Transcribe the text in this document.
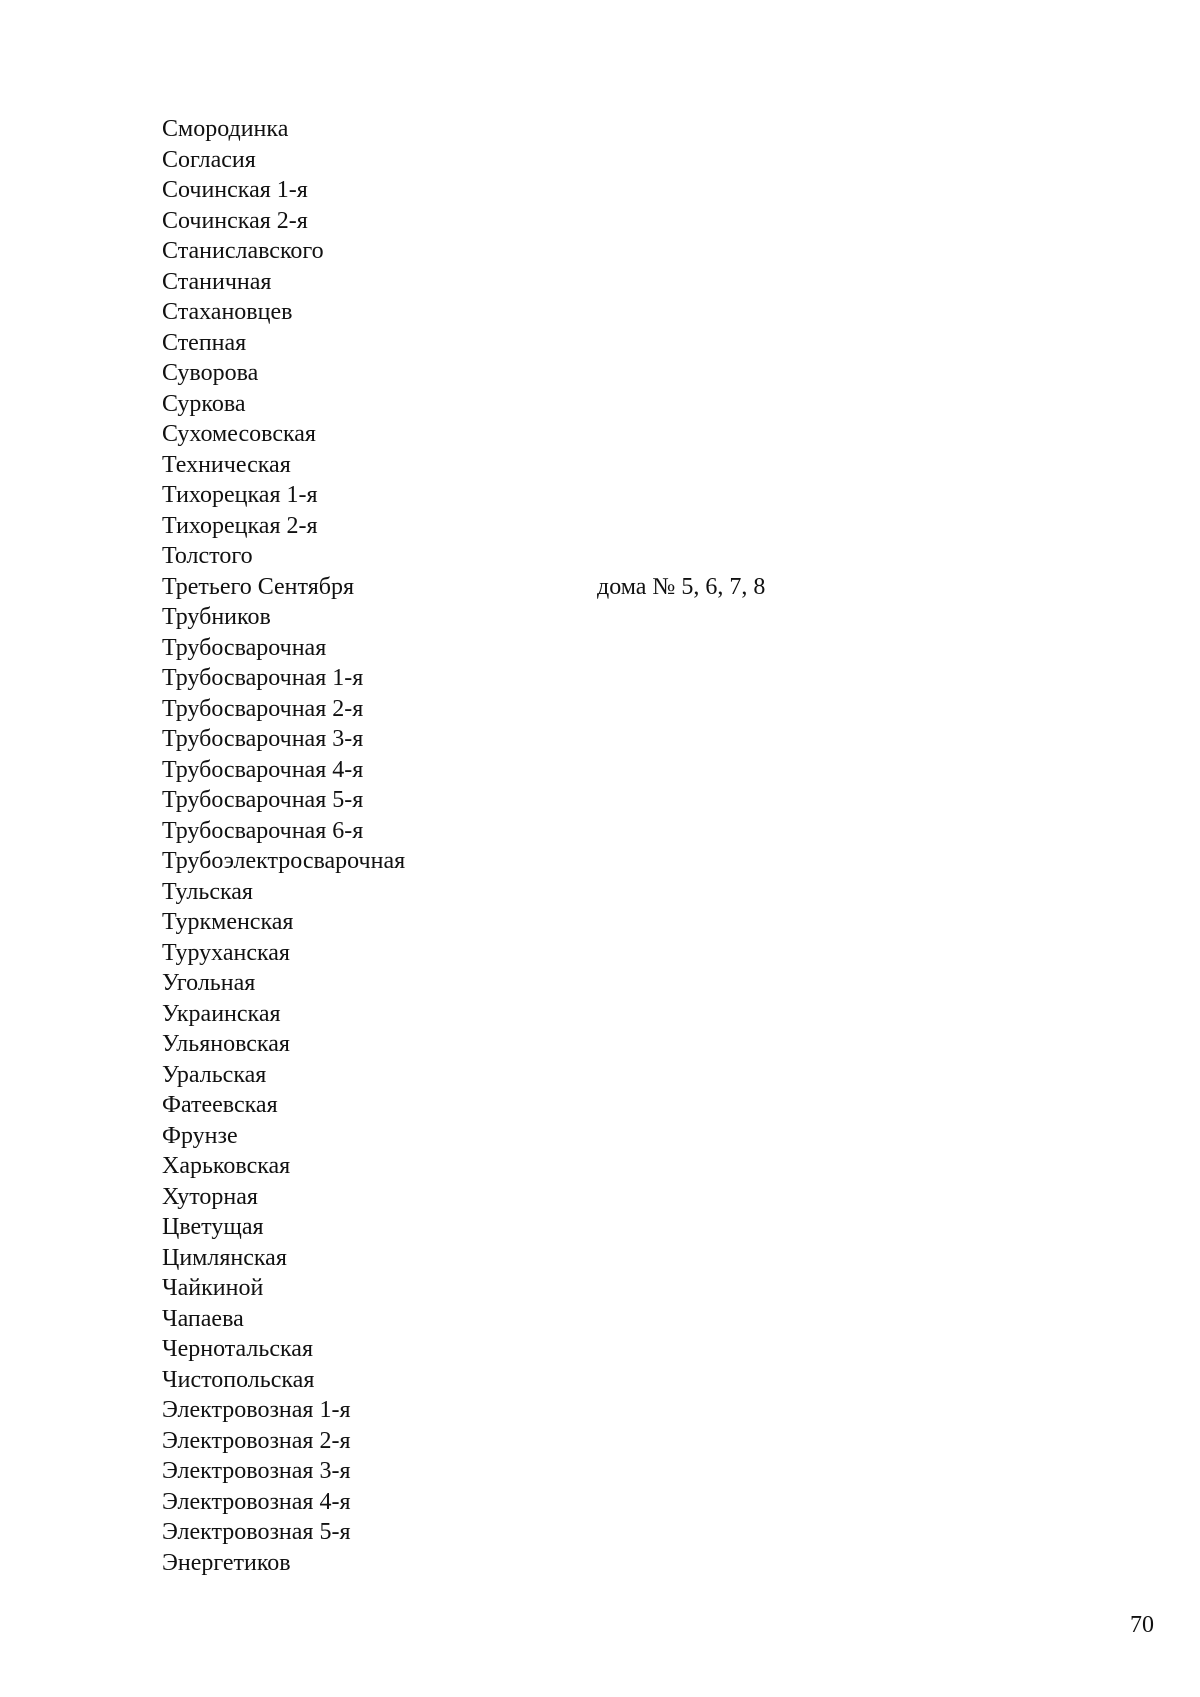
Смородинка
Согласия
Сочинская 1-я
Сочинская 2-я
Станиславского
Станичная
Стахановцев
Степная
Суворова
Суркова
Сухомесовская
Техническая
Тихорецкая 1-я
Тихорецкая 2-я
Толстого
Третьего Сентября	дома № 5, 6, 7, 8
Трубников
Трубосварочная
Трубосварочная 1-я
Трубосварочная 2-я
Трубосварочная 3-я
Трубосварочная 4-я
Трубосварочная 5-я
Трубосварочная 6-я
Трубоэлектросварочная
Тульская
Туркменская
Туруханская
Угольная
Украинская
Ульяновская
Уральская
Фатеевская
Фрунзе
Харьковская
Хуторная
Цветущая
Цимлянская
Чайкиной
Чапаева
Чернотальская
Чистопольская
Электровозная 1-я
Электровозная 2-я
Электровозная 3-я
Электровозная 4-я
Электровозная 5-я
Энергетиков
70
